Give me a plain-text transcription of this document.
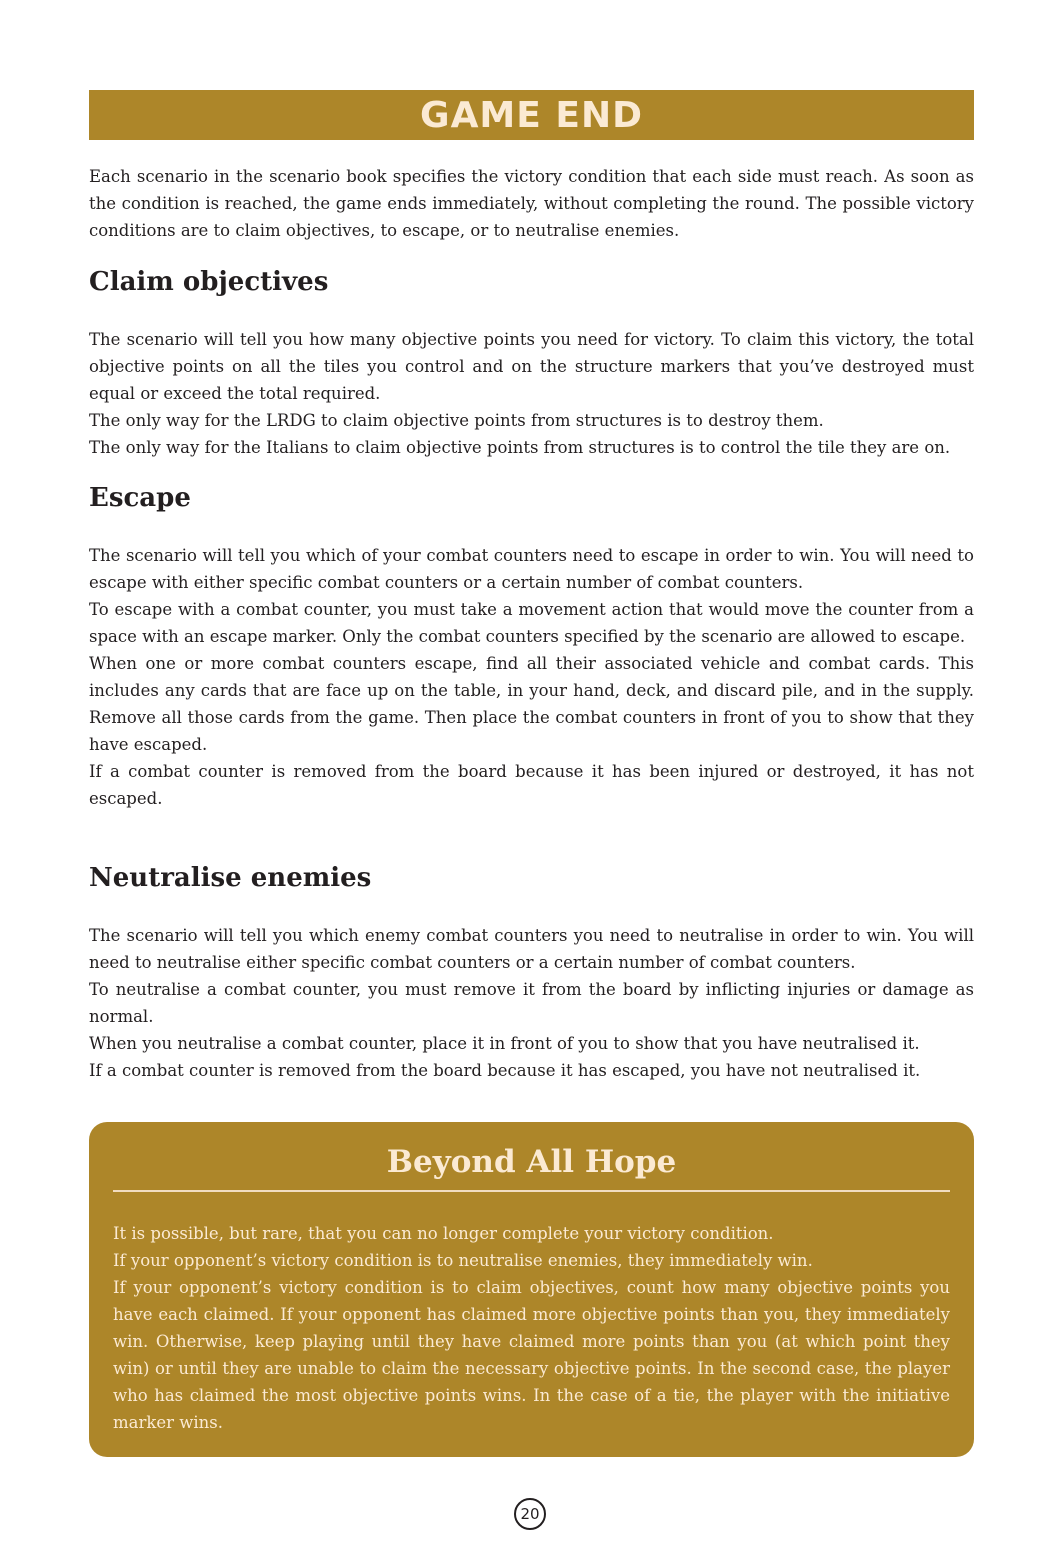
GAME END

Each scenario in the scenario book specifies the victory condition that each side must reach. As soon as the condition is reached, the game ends immediately, without completing the round. The possible victory conditions are to claim objectives, to escape, or to neutralise enemies.

Claim objectives

The scenario will tell you how many objective points you need for victory. To claim this victory, the total objective points on all the tiles you control and on the structure markers that you’ve destroyed must equal or exceed the total required.

The only way for the LRDG to claim objective points from structures is to destroy them.

The only way for the Italians to claim objective points from structures is to control the tile they are on.

Escape

The scenario will tell you which of your combat counters need to escape in order to win. You will need to escape with either specific combat counters or a certain number of combat counters.

To escape with a combat counter, you must take a movement action that would move the counter from a space with an escape marker. Only the combat counters specified by the scenario are allowed to escape.

When one or more combat counters escape, find all their associated vehicle and combat cards. This includes any cards that are face up on the table, in your hand, deck, and discard pile, and in the supply. Remove all those cards from the game. Then place the combat counters in front of you to show that they have escaped.

If a combat counter is removed from the board because it has been injured or destroyed, it has not escaped.

Neutralise enemies

The scenario will tell you which enemy combat counters you need to neutralise in order to win. You will need to neutralise either specific combat counters or a certain number of combat counters.

To neutralise a combat counter, you must remove it from the board by inflicting injuries or damage as normal.

When you neutralise a combat counter, place it in front of you to show that you have neutralised it.

If a combat counter is removed from the board because it has escaped, you have not neutralised it.

Beyond All Hope

It is possible, but rare, that you can no longer complete your victory condition.

If your opponent’s victory condition is to neutralise enemies, they immediately win.

If your opponent’s victory condition is to claim objectives, count how many objective points you have each claimed. If your opponent has claimed more objective points than you, they immediately win. Otherwise, keep playing until they have claimed more points than you (at which point they win) or until they are unable to claim the necessary objective points. In the second case, the player who has claimed the most objective points wins. In the case of a tie, the player with the initiative marker wins.

20
